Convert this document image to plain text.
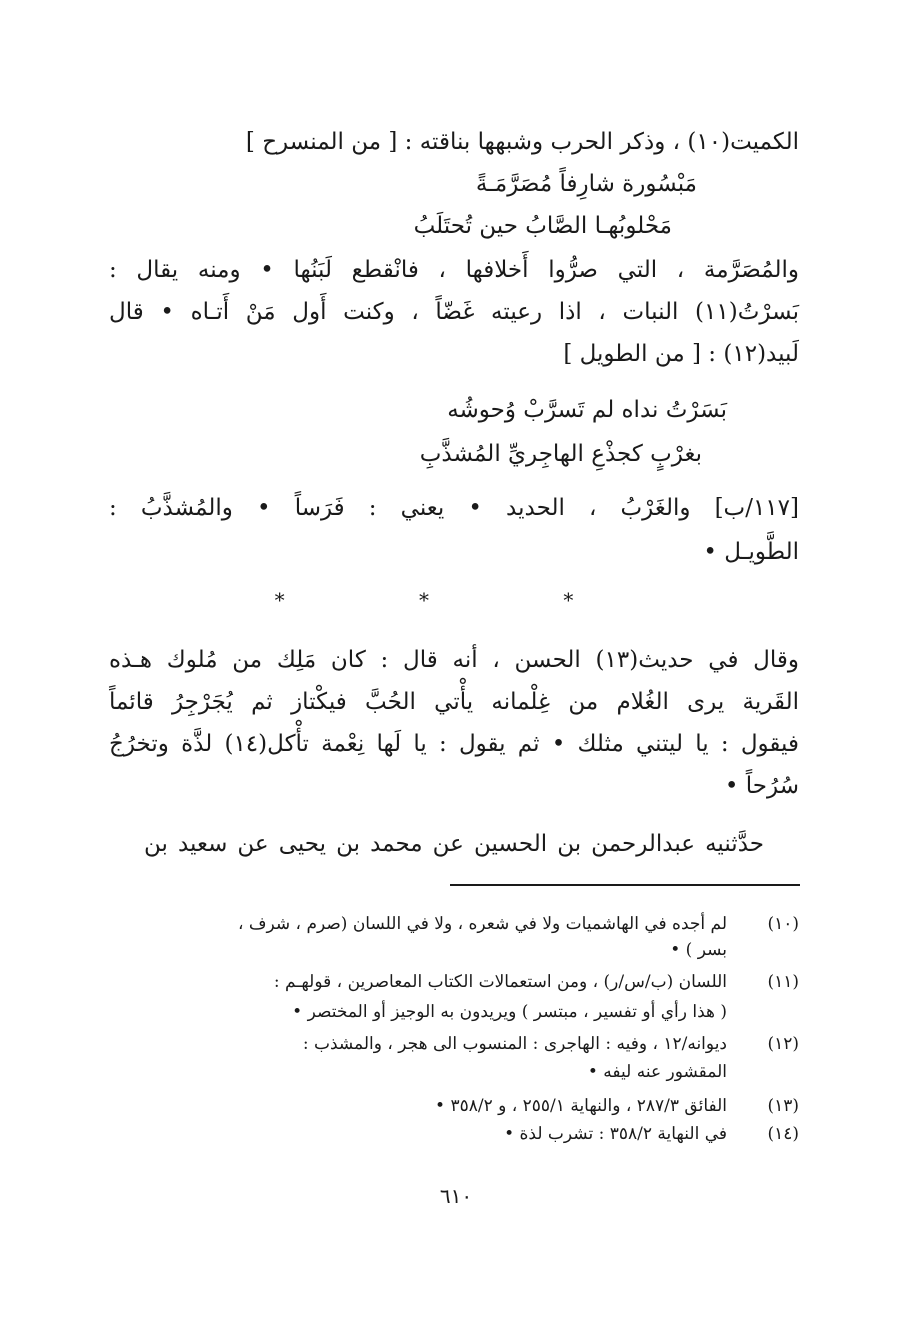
الكميت(١٠) ، وذكر الحرب وشبهها بناقته : [ من المنسرح ]
مَبْسُورة شارِفاً مُصَرَّمَـةً
مَحْلوبُهـا الصَّابُ حين تُحتَلَبُ
والمُصَرَّمة ، التي صرُّوا أَخلافها ، فانْقطع لَبَنُها • ومنه يقال :
بَسرْتُ(١١) النبات ، اذا رعيته غَضّاً ، وكنت أَول مَنْ أَتـاه • قال
لَبيد(١٢) : [ من الطويل ]
بَسَرْتُ نداه لم تَسرَّبْ وُحوشُه
بغرْبٍ كجذْعِ الهاجِريِّ المُشذَّبِ
[١١٧/ب] والغَرْبُ ، الحديد • يعني : فَرَساً • والمُشذَّبُ :
الطَّويـل •
* * *
وقال في حديث(١٣) الحسن ، أنه قال : كان مَلِك من مُلوك هـذه
القَرية يرى الغُلام من غِلْمانه يأْتي الحُبَّ فيكْتاز ثم يُجَرْجِرُ قائماً
فيقول : يا ليتني مثلك • ثم يقول : يا لَها نِعْمة تأْكل(١٤) لذَّة وتخرُجُ
سُرُحاً •
حدَّثنيه عبدالرحمن بن الحسين عن محمد بن يحيى عن سعيد بن
(١٠)
لم أجده في الهاشميات ولا في شعره ، ولا في اللسان (صرم ، شرف ،
بسر ) •
(١١)
اللسان (ب/س/ر) ، ومن استعمالات الكتاب المعاصرين ، قولهـم :
( هذا رأي أو تفسير ، مبتسر ) ويريدون به الوجيز أو المختصر •
(١٢)
ديوانه/١٢ ، وفيه : الهاجرى : المنسوب الى هجر ، والمشذب :
المقشور عنه ليفه •
(١٣)
الفائق ٢٨٧/٣ ، والنهاية ٢٥٥/١ ، و ٣٥٨/٢ •
(١٤)
في النهاية ٣٥٨/٢ : تشرب لذة •
٦١٠
